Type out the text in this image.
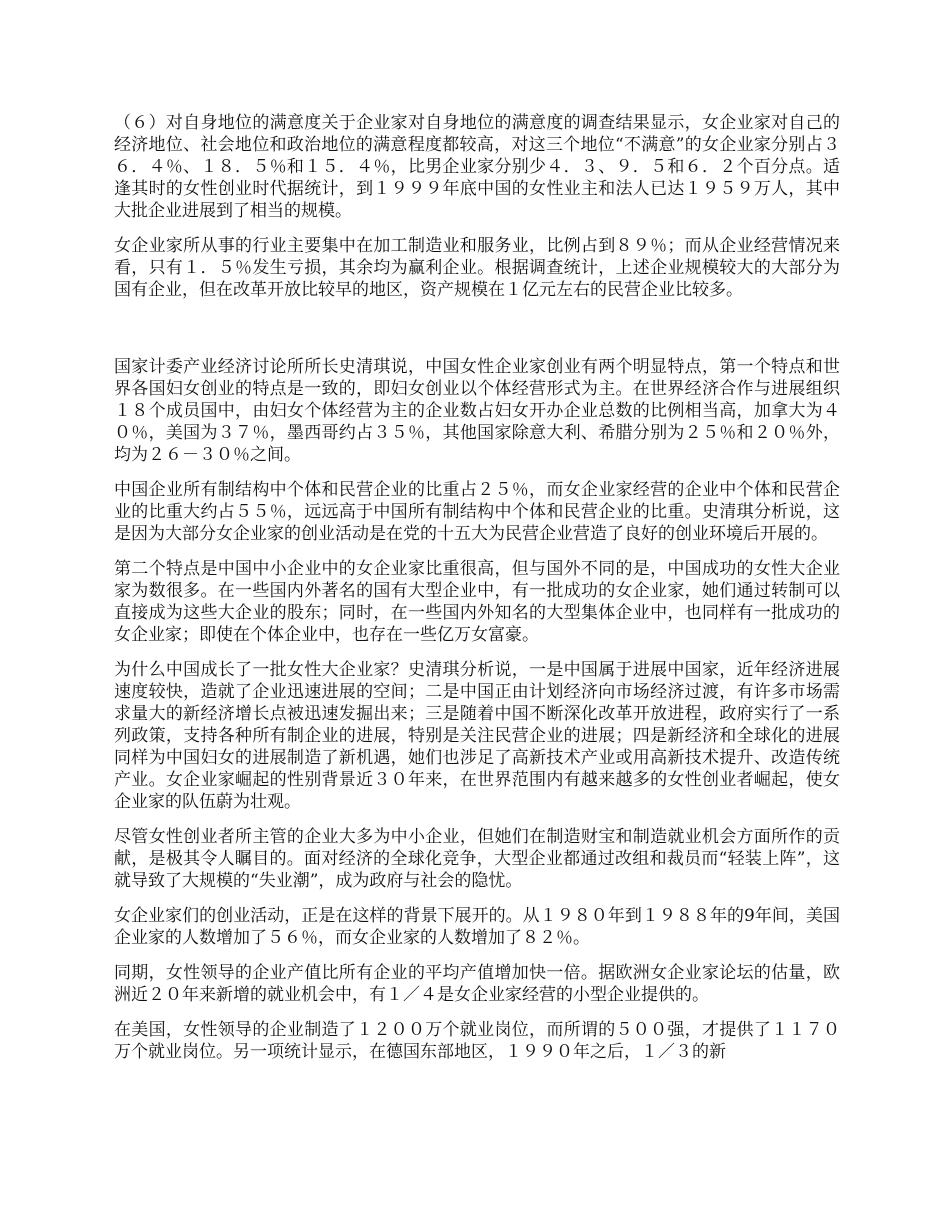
（６）对自身地位的满意度关于企业家对自身地位的满意度的调查结果显示，女企业家对自己的经济地位、社会地位和政治地位的满意程度都较高，对这三个地位“不满意”的女企业家分别占３６．４％、１８．５％和１５．４％，比男企业家分别少４．３、９．５和６．２个百分点。适逢其时的女性创业时代据统计，到１９９９年底中国的女性业主和法人已达１９５９万人，其中大批企业进展到了相当的规模。

女企业家所从事的行业主要集中在加工制造业和服务业，比例占到８９％；而从企业经营情况来看，只有１．５％发生亏损，其余均为赢利企业。根据调查统计，上述企业规模较大的大部分为国有企业，但在改革开放比较早的地区，资产规模在１亿元左右的民营企业比较多。

国家计委产业经济讨论所所长史清琪说，中国女性企业家创业有两个明显特点，第一个特点和世界各国妇女创业的特点是一致的，即妇女创业以个体经营形式为主。在世界经济合作与进展组织１８个成员国中，由妇女个体经营为主的企业数占妇女开办企业总数的比例相当高，加拿大为４０％，美国为３７％，墨西哥约占３５％，其他国家除意大利、希腊分别为２５％和２０％外，均为２６－３０％之间。

中国企业所有制结构中个体和民营企业的比重占２５％，而女企业家经营的企业中个体和民营企业的比重大约占５５％，远远高于中国所有制结构中个体和民营企业的比重。史清琪分析说，这是因为大部分女企业家的创业活动是在党的十五大为民营企业营造了良好的创业环境后开展的。

第二个特点是中国中小企业中的女企业家比重很高，但与国外不同的是，中国成功的女性大企业家为数很多。在一些国内外著名的国有大型企业中，有一批成功的女企业家，她们通过转制可以直接成为这些大企业的股东；同时，在一些国内外知名的大型集体企业中，也同样有一批成功的女企业家；即使在个体企业中，也存在一些亿万女富豪。

为什么中国成长了一批女性大企业家？史清琪分析说，一是中国属于进展中国家，近年经济进展速度较快，造就了企业迅速进展的空间；二是中国正由计划经济向市场经济过渡，有许多市场需求量大的新经济增长点被迅速发掘出来；三是随着中国不断深化改革开放进程，政府实行了一系列政策，支持各种所有制企业的进展，特别是关注民营企业的进展；四是新经济和全球化的进展同样为中国妇女的进展制造了新机遇，她们也涉足了高新技术产业或用高新技术提升、改造传统产业。女企业家崛起的性别背景近３０年来，在世界范围内有越来越多的女性创业者崛起，使女企业家的队伍蔚为壮观。

尽管女性创业者所主管的企业大多为中小企业，但她们在制造财宝和制造就业机会方面所作的贡献，是极其令人瞩目的。面对经济的全球化竞争，大型企业都通过改组和裁员而“轻装上阵”，这就导致了大规模的“失业潮”，成为政府与社会的隐忧。

女企业家们的创业活动，正是在这样的背景下展开的。从１９８０年到１９８８年的9年间，美国企业家的人数增加了５６％，而女企业家的人数增加了８２％。

同期，女性领导的企业产值比所有企业的平均产值增加快一倍。据欧洲女企业家论坛的估量，欧洲近２０年来新增的就业机会中，有１／４是女企业家经营的小型企业提供的。

在美国，女性领导的企业制造了１２００万个就业岗位，而所谓的５００强，才提供了１１７０万个就业岗位。另一项统计显示，在德国东部地区，１９９０年之后，１／３的新
